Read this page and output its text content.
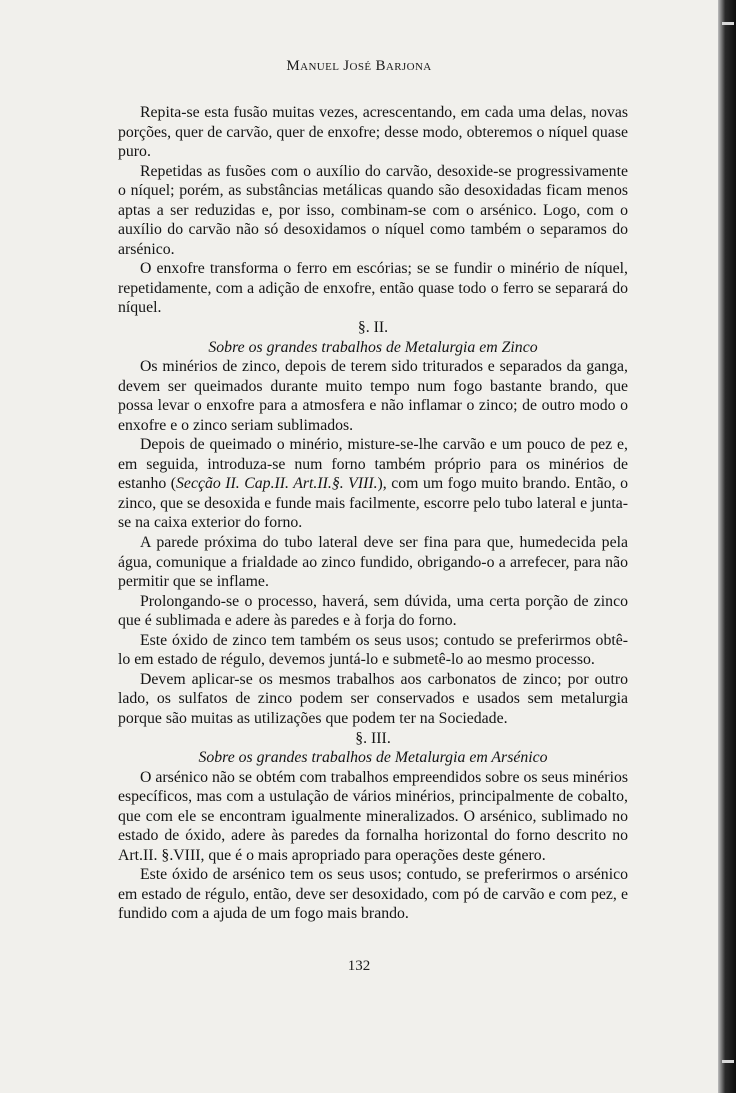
MANUEL JOSÉ BARJONA

Repita-se esta fusão muitas vezes, acrescentando, em cada uma delas, novas porções, quer de carvão, quer de enxofre; desse modo, obteremos o níquel quase puro.

Repetidas as fusões com o auxílio do carvão, desoxide-se progressivamente o níquel; porém, as substâncias metálicas quando são desoxidadas ficam menos aptas a ser reduzidas e, por isso, combinam-se com o arsénico. Logo, com o auxílio do carvão não só desoxidamos o níquel como também o separamos do arsénico.

O enxofre transforma o ferro em escórias; se se fundir o minério de níquel, repetidamente, com a adição de enxofre, então quase todo o ferro se separará do níquel.

§. II.

Sobre os grandes trabalhos de Metalurgia em Zinco

Os minérios de zinco, depois de terem sido triturados e separados da ganga, devem ser queimados durante muito tempo num fogo bastante brando, que possa levar o enxofre para a atmosfera e não inflamar o zinco; de outro modo o enxofre e o zinco seriam sublimados.

Depois de queimado o minério, misture-se-lhe carvão e um pouco de pez e, em seguida, introduza-se num forno também próprio para os minérios de estanho (Secção II. Cap.II. Art.II.§. VIII.), com um fogo muito brando. Então, o zinco, que se desoxida e funde mais facilmente, escorre pelo tubo lateral e junta-se na caixa exterior do forno.

A parede próxima do tubo lateral deve ser fina para que, humedecida pela água, comunique a frialdade ao zinco fundido, obrigando-o a arrefecer, para não permitir que se inflame.

Prolongando-se o processo, haverá, sem dúvida, uma certa porção de zinco que é sublimada e adere às paredes e à forja do forno.

Este óxido de zinco tem também os seus usos; contudo se preferirmos obtê-lo em estado de régulo, devemos juntá-lo e submetê-lo ao mesmo processo.

Devem aplicar-se os mesmos trabalhos aos carbonatos de zinco; por outro lado, os sulfatos de zinco podem ser conservados e usados sem metalurgia porque são muitas as utilizações que podem ter na Sociedade.

§. III.

Sobre os grandes trabalhos de Metalurgia em Arsénico

O arsénico não se obtém com trabalhos empreendidos sobre os seus minérios específicos, mas com a ustulação de vários minérios, principalmente de cobalto, que com ele se encontram igualmente mineralizados. O arsénico, sublimado no estado de óxido, adere às paredes da fornalha horizontal do forno descrito no Art.II. §.VIII, que é o mais apropriado para operações deste género.

Este óxido de arsénico tem os seus usos; contudo, se preferirmos o arsénico em estado de régulo, então, deve ser desoxidado, com pó de carvão e com pez, e fundido com a ajuda de um fogo mais brando.

132
